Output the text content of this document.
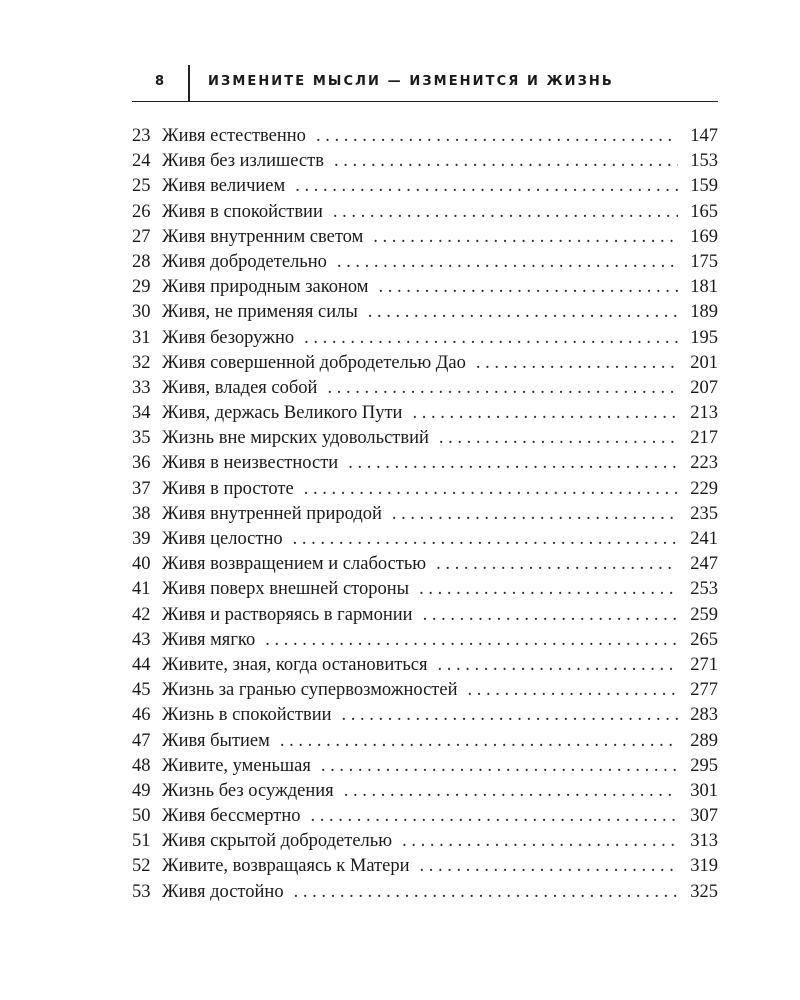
8	ИЗМЕНИТЕ МЫСЛИ — ИЗМЕНИТСЯ И ЖИЗНЬ
23 Живя естественно . . .	147
24 Живя без излишеств . . .	153
25 Живя величием . . .	159
26 Живя в спокойствии . . .	165
27 Живя внутренним светом . . .	169
28 Живя добродетельно . . .	175
29 Живя природным законом . . .	181
30 Живя, не применяя силы . . .	189
31 Живя безоружно . . .	195
32 Живя совершенной добродетелью Дао . . .	201
33 Живя, владея собой . . .	207
34 Живя, держась Великого Пути . . .	213
35 Жизнь вне мирских удовольствий . . .	217
36 Живя в неизвестности . . .	223
37 Живя в простоте . . .	229
38 Живя внутренней природой . . .	235
39 Живя целостно . . .	241
40 Живя возвращением и слабостью . . .	247
41 Живя поверх внешней стороны . . .	253
42 Живя и растворяясь в гармонии . . .	259
43 Живя мягко . . .	265
44 Живите, зная, когда остановиться . . .	271
45 Жизнь за гранью супервозможностей . . .	277
46 Жизнь в спокойствии . . .	283
47 Живя бытием . . .	289
48 Живите, уменьшая . . .	295
49 Жизнь без осуждения . . .	301
50 Живя бессмертно . . .	307
51 Живя скрытой добродетелью . . .	313
52 Живите, возвращаясь к Матери . . .	319
53 Живя достойно . . .	325
